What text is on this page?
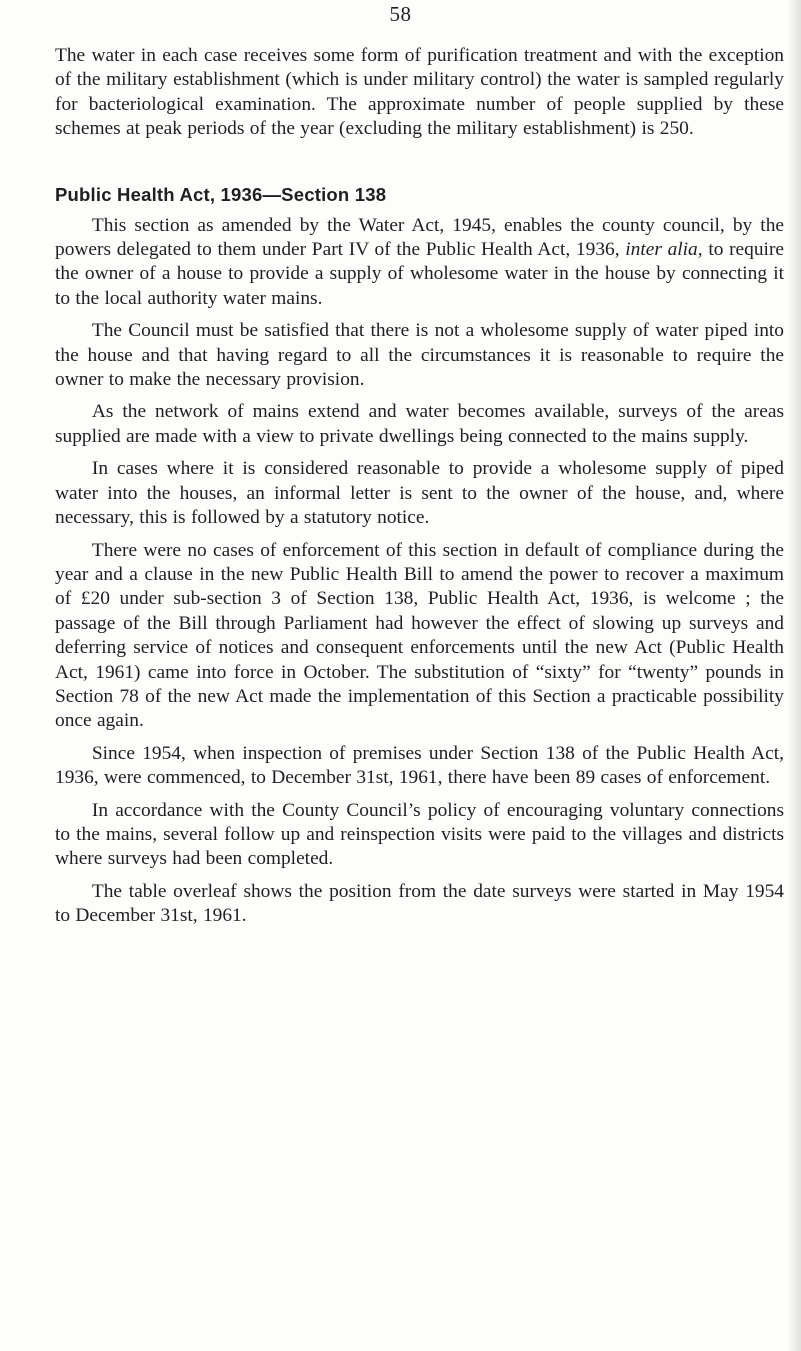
58

The water in each case receives some form of purification treatment and with the exception of the military establishment (which is under military control) the water is sampled regularly for bacteriological examination. The approximate number of people supplied by these schemes at peak periods of the year (excluding the military establishment) is 250.

Public Health Act, 1936—Section 138

This section as amended by the Water Act, 1945, enables the county council, by the powers delegated to them under Part IV of the Public Health Act, 1936, inter alia, to require the owner of a house to provide a supply of wholesome water in the house by connecting it to the local authority water mains.

The Council must be satisfied that there is not a wholesome supply of water piped into the house and that having regard to all the circumstances it is reasonable to require the owner to make the necessary provision.

As the network of mains extend and water becomes available, surveys of the areas supplied are made with a view to private dwellings being connected to the mains supply.

In cases where it is considered reasonable to provide a wholesome supply of piped water into the houses, an informal letter is sent to the owner of the house, and, where necessary, this is followed by a statutory notice.

There were no cases of enforcement of this section in default of compliance during the year and a clause in the new Public Health Bill to amend the power to recover a maximum of £20 under sub-section 3 of Section 138, Public Health Act, 1936, is welcome ; the passage of the Bill through Parliament had however the effect of slowing up surveys and deferring service of notices and consequent enforcements until the new Act (Public Health Act, 1961) came into force in October. The substitution of “sixty” for “twenty” pounds in Section 78 of the new Act made the implementation of this Section a practicable possibility once again.

Since 1954, when inspection of premises under Section 138 of the Public Health Act, 1936, were commenced, to December 31st, 1961, there have been 89 cases of enforcement.

In accordance with the County Council’s policy of encouraging voluntary connections to the mains, several follow up and reinspection visits were paid to the villages and districts where surveys had been completed.

The table overleaf shows the position from the date surveys were started in May 1954 to December 31st, 1961.
